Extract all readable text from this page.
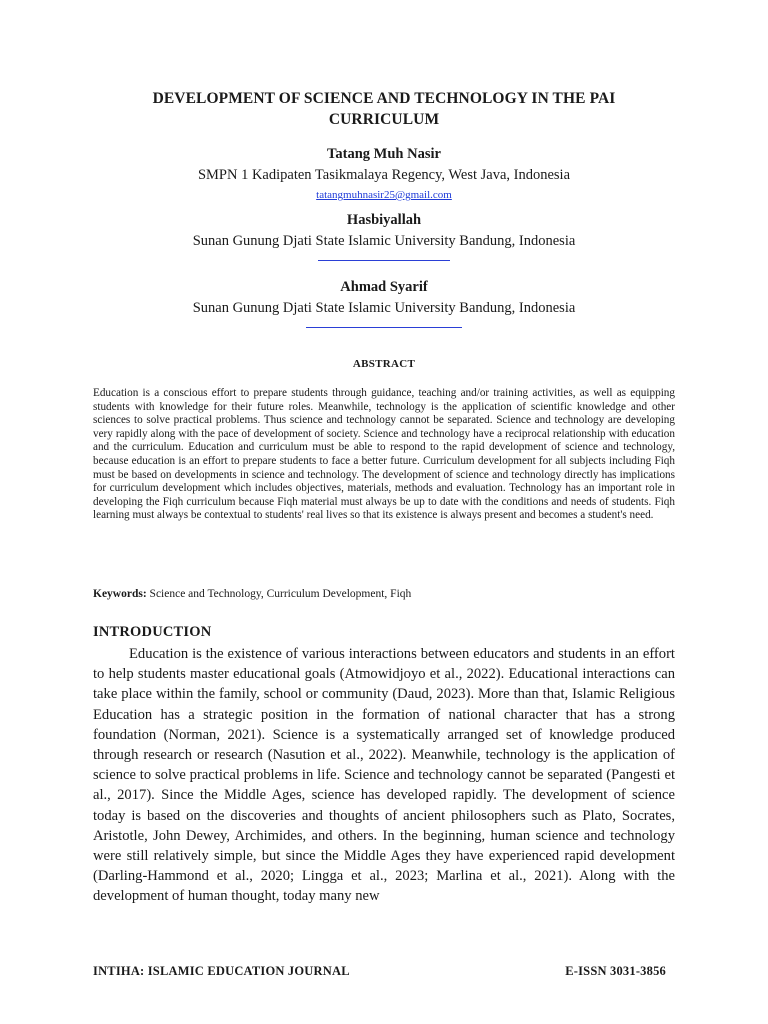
DEVELOPMENT OF SCIENCE AND TECHNOLOGY IN THE PAI
CURRICULUM
Tatang Muh Nasir
SMPN 1 Kadipaten Tasikmalaya Regency, West Java, Indonesia
tatangmuhnasir25@gmail.com
Hasbiyallah
Sunan Gunung Djati State Islamic University Bandung, Indonesia
Ahmad Syarif
Sunan Gunung Djati State Islamic University Bandung, Indonesia
ABSTRACT
Education is a conscious effort to prepare students through guidance, teaching and/or training activities, as well as equipping students with knowledge for their future roles. Meanwhile, technology is the application of scientific knowledge and other sciences to solve practical problems. Thus science and technology cannot be separated. Science and technology are developing very rapidly along with the pace of development of society. Science and technology have a reciprocal relationship with education and the curriculum. Education and curriculum must be able to respond to the rapid development of science and technology, because education is an effort to prepare students to face a better future. Curriculum development for all subjects including Fiqh must be based on developments in science and technology. The development of science and technology directly has implications for curriculum development which includes objectives, materials, methods and evaluation. Technology has an important role in developing the Fiqh curriculum because Fiqh material must always be up to date with the conditions and needs of students. Fiqh learning must always be contextual to students' real lives so that its existence is always present and becomes a student's need.
Keywords: Science and Technology, Curriculum Development, Fiqh
INTRODUCTION

Education is the existence of various interactions between educators and students in an effort to help students master educational goals (Atmowidjoyo et al., 2022). Educational interactions can take place within the family, school or community (Daud, 2023). More than that, Islamic Religious Education has a strategic position in the formation of national character that has a strong foundation (Norman, 2021). Science is a systematically arranged set of knowledge produced through research or research (Nasution et al., 2022). Meanwhile, technology is the application of science to solve practical problems in life. Science and technology cannot be separated (Pangesti et al., 2017). Since the Middle Ages, science has developed rapidly. The development of science today is based on the discoveries and thoughts of ancient philosophers such as Plato, Socrates, Aristotle, John Dewey, Archimides, and others. In the beginning, human science and technology were still relatively simple, but since the Middle Ages they have experienced rapid development (Darling-Hammond et al., 2020; Lingga et al., 2023; Marlina et al., 2021). Along with the development of human thought, today many new

INTIHA: ISLAMIC EDUCATION JOURNAL	E-ISSN 3031-3856
